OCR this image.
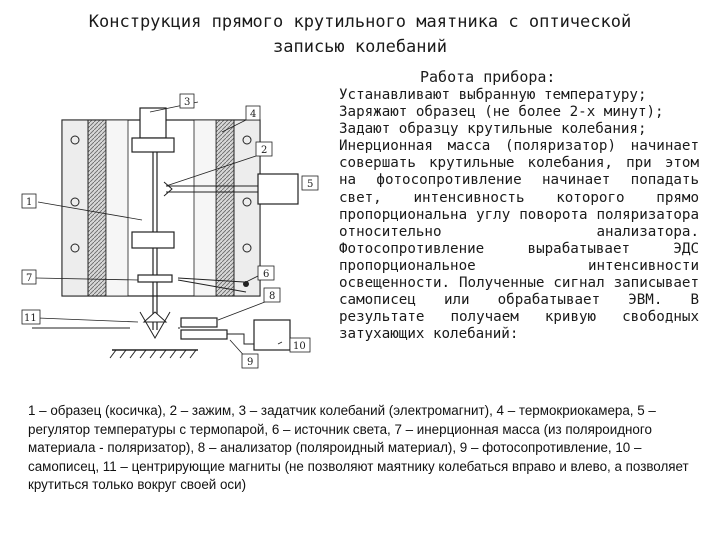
Конструкция прямого крутильного маятника с оптической
записью колебаний
3
4
2
1
5
6
7
8
11
10
9
Работа прибора:

Устанавливают выбранную температуру;

Заряжают образец (не более 2-х минут);

Задают образцу крутильные колебания;

Инерционная масса (поляризатор) начинает совершать крутильные колебания, при этом на фотосопротивление начинает попадать свет, интенсивность которого прямо пропорциональна углу поворота поляризатора относительно анализатора. Фотосопротивление вырабатывает ЭДС пропорциональное интенсивности освещенности. Полученные сигнал записывает самописец или обрабатывает ЭВМ. В результате получаем кривую свободных затухающих колебаний:

1 – образец (косичка), 2 – зажим, 3 – задатчик колебаний (электромагнит), 4 – термокриокамера, 5 – регулятор температуры с термопарой, 6 – источник света, 7 – инерционная масса (из поляроидного материала - поляризатор), 8 – анализатор (поляроидный материал), 9 – фотосопротивление, 10 – самописец, 11 – центрирующие магниты (не позволяют маятнику колебаться вправо и влево, а позволяет крутиться только вокруг своей оси)
